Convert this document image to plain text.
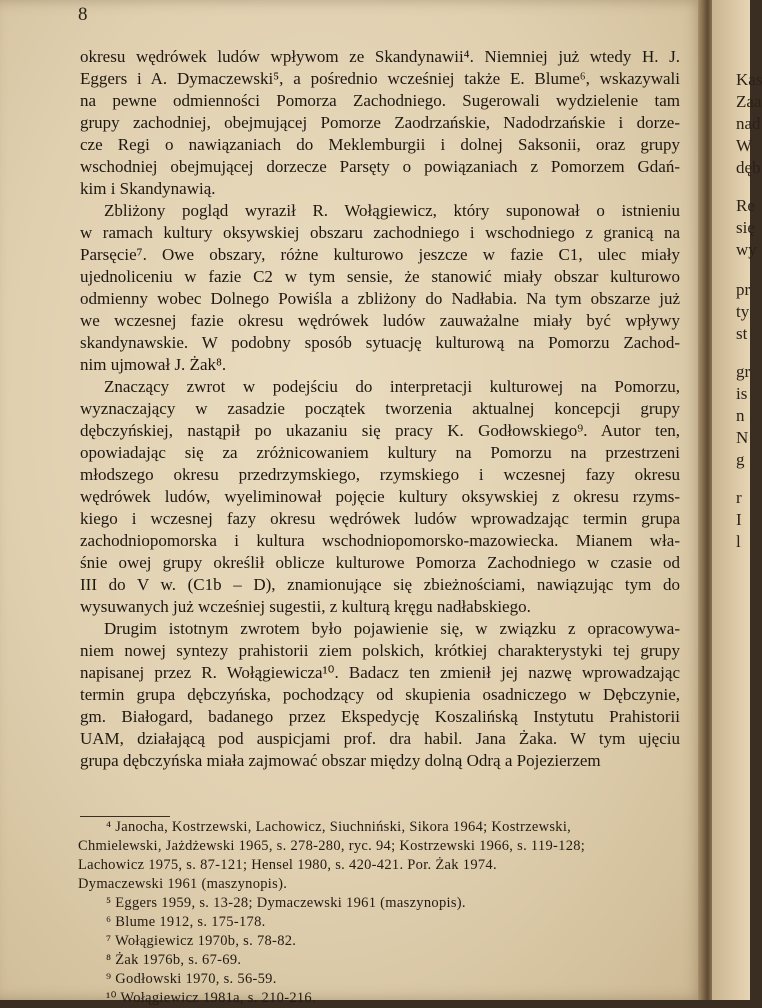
8
okresu wędrówek ludów wpływom ze Skandynawii⁴. Niemniej już wtedy H. J.
Eggers i A. Dymaczewski⁵, a pośrednio wcześniej także E. Blume⁶, wskazywali
na pewne odmienności Pomorza Zachodniego. Sugerowali wydzielenie tam
grupy zachodniej, obejmującej Pomorze Zaodrzańskie, Nadodrzańskie i dorze-
cze Regi o nawiązaniach do Meklemburgii i dolnej Saksonii, oraz grupy
wschodniej obejmującej dorzecze Parsęty o powiązaniach z Pomorzem Gdań-
kim i Skandynawią.
Zbliżony pogląd wyraził R. Wołągiewicz, który suponował o istnieniu
w ramach kultury oksywskiej obszaru zachodniego i wschodniego z granicą na
Parsęcie⁷. Owe obszary, różne kulturowo jeszcze w fazie C1, ulec miały
ujednoliceniu w fazie C2 w tym sensie, że stanowić miały obszar kulturowo
odmienny wobec Dolnego Powiśla a zbliżony do Nadłabia. Na tym obszarze już
we wczesnej fazie okresu wędrówek ludów zauważalne miały być wpływy
skandynawskie. W podobny sposób sytuację kulturową na Pomorzu Zachod-
nim ujmował J. Żak⁸.
Znaczący zwrot w podejściu do interpretacji kulturowej na Pomorzu,
wyznaczający w zasadzie początek tworzenia aktualnej koncepcji grupy
dębczyńskiej, nastąpił po ukazaniu się pracy K. Godłowskiego⁹. Autor ten,
opowiadając się za zróżnicowaniem kultury na Pomorzu na przestrzeni
młodszego okresu przedrzymskiego, rzymskiego i wczesnej fazy okresu
wędrówek ludów, wyeliminował pojęcie kultury oksywskiej z okresu rzyms-
kiego i wczesnej fazy okresu wędrówek ludów wprowadzając termin grupa
zachodniopomorska i kultura wschodniopomorsko-mazowiecka. Mianem wła-
śnie owej grupy określił oblicze kulturowe Pomorza Zachodniego w czasie od
III do V w. (C1b – D), znamionujące się zbieżnościami, nawiązując tym do
wysuwanych już wcześniej sugestii, z kulturą kręgu nadłabskiego.
Drugim istotnym zwrotem było pojawienie się, w związku z opracowywa-
niem nowej syntezy prahistorii ziem polskich, krótkiej charakterystyki tej grupy
napisanej przez R. Wołągiewicza¹⁰. Badacz ten zmienił jej nazwę wprowadzając
termin grupa dębczyńska, pochodzący od skupienia osadniczego w Dębczynie,
gm. Białogard, badanego przez Ekspedycję Koszalińską Instytutu Prahistorii
UAM, działającą pod auspicjami prof. dra habil. Jana Żaka. W tym ujęciu
grupa dębczyńska miała zajmować obszar między dolną Odrą a Pojezierzem
⁴ Janocha, Kostrzewski, Lachowicz, Siuchniński, Sikora 1964; Kostrzewski,
Chmielewski, Jażdżewski 1965, s. 278-280, ryc. 94; Kostrzewski 1966, s. 119-128;
Lachowicz 1975, s. 87-121; Hensel 1980, s. 420-421. Por. Żak 1974.
Dymaczewski 1961 (maszynopis).
⁵ Eggers 1959, s. 13-28; Dymaczewski 1961 (maszynopis).
⁶ Blume 1912, s. 175-178.
⁷ Wołągiewicz 1970b, s. 78-82.
⁸ Żak 1976b, s. 67-69.
⁹ Godłowski 1970, s. 56-59.
¹⁰ Wołągiewicz 1981a, s. 210-216.
Kas
Zaa
nad
W
dęb
Re
się
wy
pr
ty
st
gr
is
n
N
g
r
I
l
